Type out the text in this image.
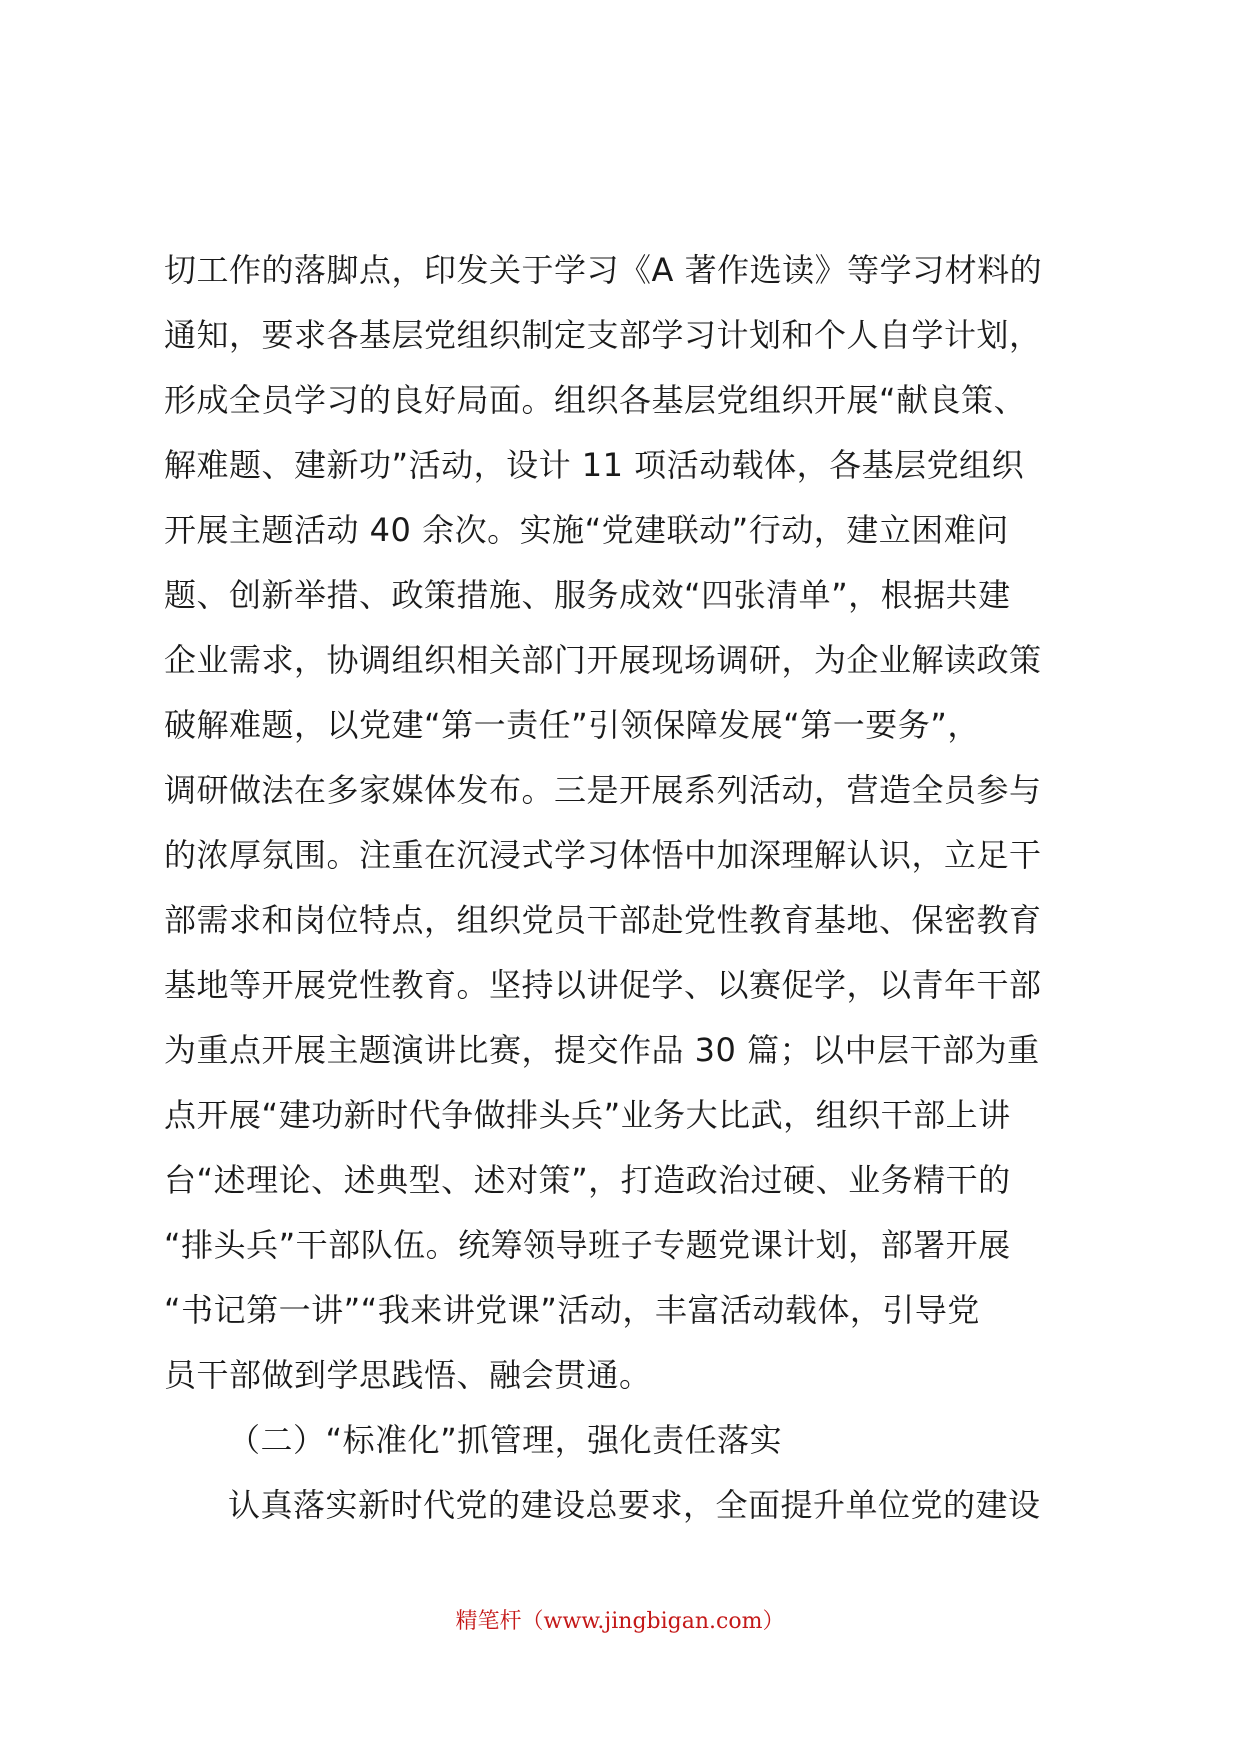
切工作的落脚点，印发关于学习《A 著作选读》等学习材料的
通知，要求各基层党组织制定支部学习计划和个人自学计划，
形成全员学习的良好局面。组织各基层党组织开展“献良策、
解难题、建新功”活动，设计 11 项活动载体，各基层党组织
开展主题活动 40 余次。实施“党建联动”行动，建立困难问
题、创新举措、政策措施、服务成效“四张清单”，根据共建
企业需求，协调组织相关部门开展现场调研，为企业解读政策
破解难题，以党建“第一责任”引领保障发展“第一要务”，
调研做法在多家媒体发布。三是开展系列活动，营造全员参与
的浓厚氛围。注重在沉浸式学习体悟中加深理解认识，立足干
部需求和岗位特点，组织党员干部赴党性教育基地、保密教育
基地等开展党性教育。坚持以讲促学、以赛促学，以青年干部
为重点开展主题演讲比赛，提交作品 30 篇；以中层干部为重
点开展“建功新时代争做排头兵”业务大比武，组织干部上讲
台“述理论、述典型、述对策”，打造政治过硬、业务精干的
“排头兵”干部队伍。统筹领导班子专题党课计划，部署开展
“书记第一讲”“我来讲党课”活动，丰富活动载体，引导党
员干部做到学思践悟、融会贯通。
（二）“标准化”抓管理，强化责任落实
认真落实新时代党的建设总要求，全面提升单位党的建设
精笔杆（www.jingbigan.com）
